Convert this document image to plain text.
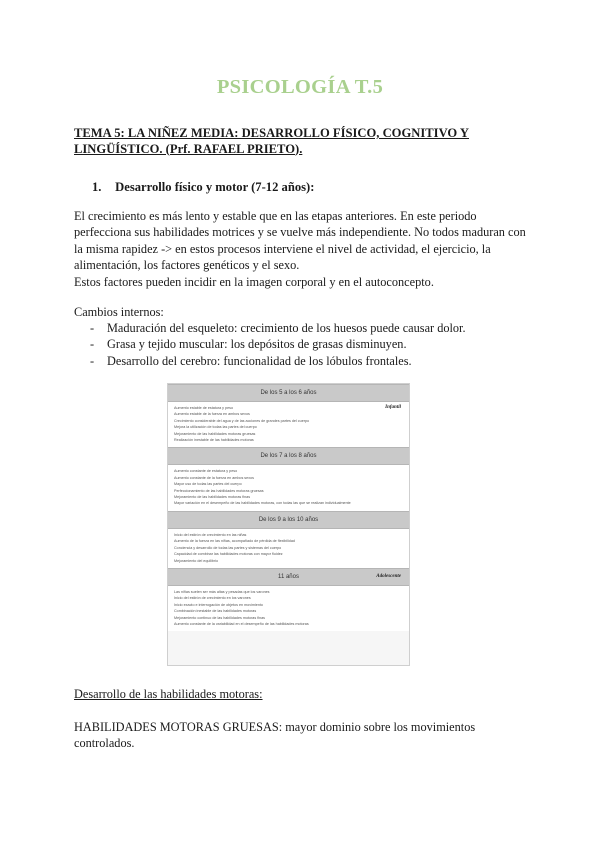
PSICOLOGÍA T.5
TEMA 5: LA NIÑEZ MEDIA: DESARROLLO FÍSICO, COGNITIVO Y LINGÜÍSTICO. (Prf. RAFAEL PRIETO).
1. Desarrollo físico y motor (7-12 años):

El crecimiento es más lento y estable que en las etapas anteriores. En este periodo

perfecciona sus habilidades motrices y se vuelve más independiente. No todos maduran con

la misma rapidez -> en estos procesos interviene el nivel de actividad, el ejercicio, la

alimentación, los factores genéticos y el sexo.

Estos factores pueden incidir en la imagen corporal y en el autoconcepto.

Cambios internos:
- Maduración del esqueleto: crecimiento de los huesos puede causar dolor.
- Grasa y tejido muscular: los depósitos de grasas disminuyen.
- Desarrollo del cerebro: funcionalidad de los lóbulos frontales.
De los 5 a los 6 años
Infantil
Aumento estable de estatura y peso
Aumento estable de la fuerza en ambos sexos
Crecimiento considerable del agua y de las acciones de grandes partes del cuerpo
Mejora la utilización de todas las partes del cuerpo
Mejoramiento de las habilidades motoras gruesas
Realización inestable de las habilidades motoras
De los 7 a los 8 años
Aumento constante de estatura y peso
Aumento constante de la fuerza en ambos sexos
Mayor uso de todas las partes del cuerpo
Perfeccionamiento de las habilidades motoras gruesas
Mejoramiento de las habilidades motoras finas
Mayor variación en el desempeño de las habilidades motoras, con todas las que se realizan individualmente
De los 9 a los 10 años
Inicio del estirón de crecimiento en las niñas
Aumento de la fuerza en las niñas, acompañado de pérdida de flexibilidad
Conciencia y desarrollo de todas las partes y sistemas del cuerpo
Capacidad de combinar las habilidades motoras con mayor fluidez
Mejoramiento del equilibrio
11 años	Adolescente
Las niñas suelen ser más altas y pesadas que los varones
Inicio del estirón de crecimiento en los varones
Inicio exacto e interrogación de objetos en movimiento
Combinación inestable de las habilidades motoras
Mejoramiento continuo de las habilidades motoras finas
Aumento constante de la variabilidad en el desempeño de las habilidades motoras
Desarrollo de las habilidades motoras:
HABILIDADES MOTORAS GRUESAS: mayor dominio sobre los movimientos
controlados.
